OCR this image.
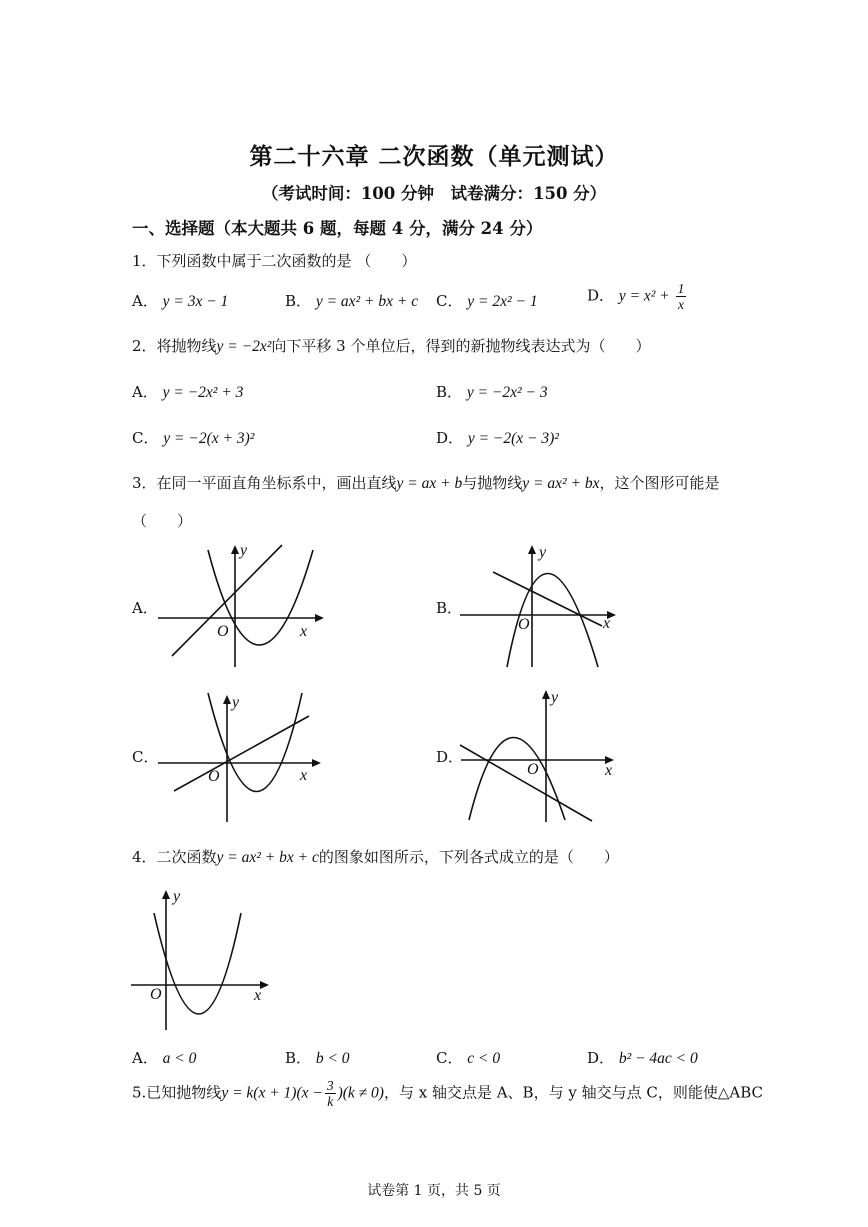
第二十六章 二次函数（单元测试）
（考试时间：100 分钟　试卷满分：150 分）
一、选择题（本大题共 6 题，每题 4 分，满分 24 分）
1．下列函数中属于二次函数的是 （　　）
A． y = 3x − 1	B． y = ax² + bx + c C． y = 2x² − 1	D． $y = x^2 + \frac{1}{x}$
2．将抛物线y = −2x²向下平移 3 个单位后，得到的新抛物线表达式为（　　）
A． y = −2x² + 3	B． y = −2x² − 3
C． y = −2(x + 3)²	D． y = −2(x − 3)²
3．在同一平面直角坐标系中，画出直线y = ax + b与抛物线y = ax² + bx，这个图形可能是
（　　）
A．
y
x
O
B．
y
x
O
C．
y
x
O
D．
y
x
O
4．二次函数y = ax² + bx + c的图象如图所示，下列各式成立的是（　　）
y
x
O
A． a < 0	B． b < 0	C． c < 0	D． b² − 4ac < 0
5.已知抛物线$y = k(x + 1)(x - \frac{3}{k} )(k \ne 0)$，与 x 轴交点是 A、B，与 y 轴交与点 C，则能使△ABC
试卷第 1 页，共 5 页
